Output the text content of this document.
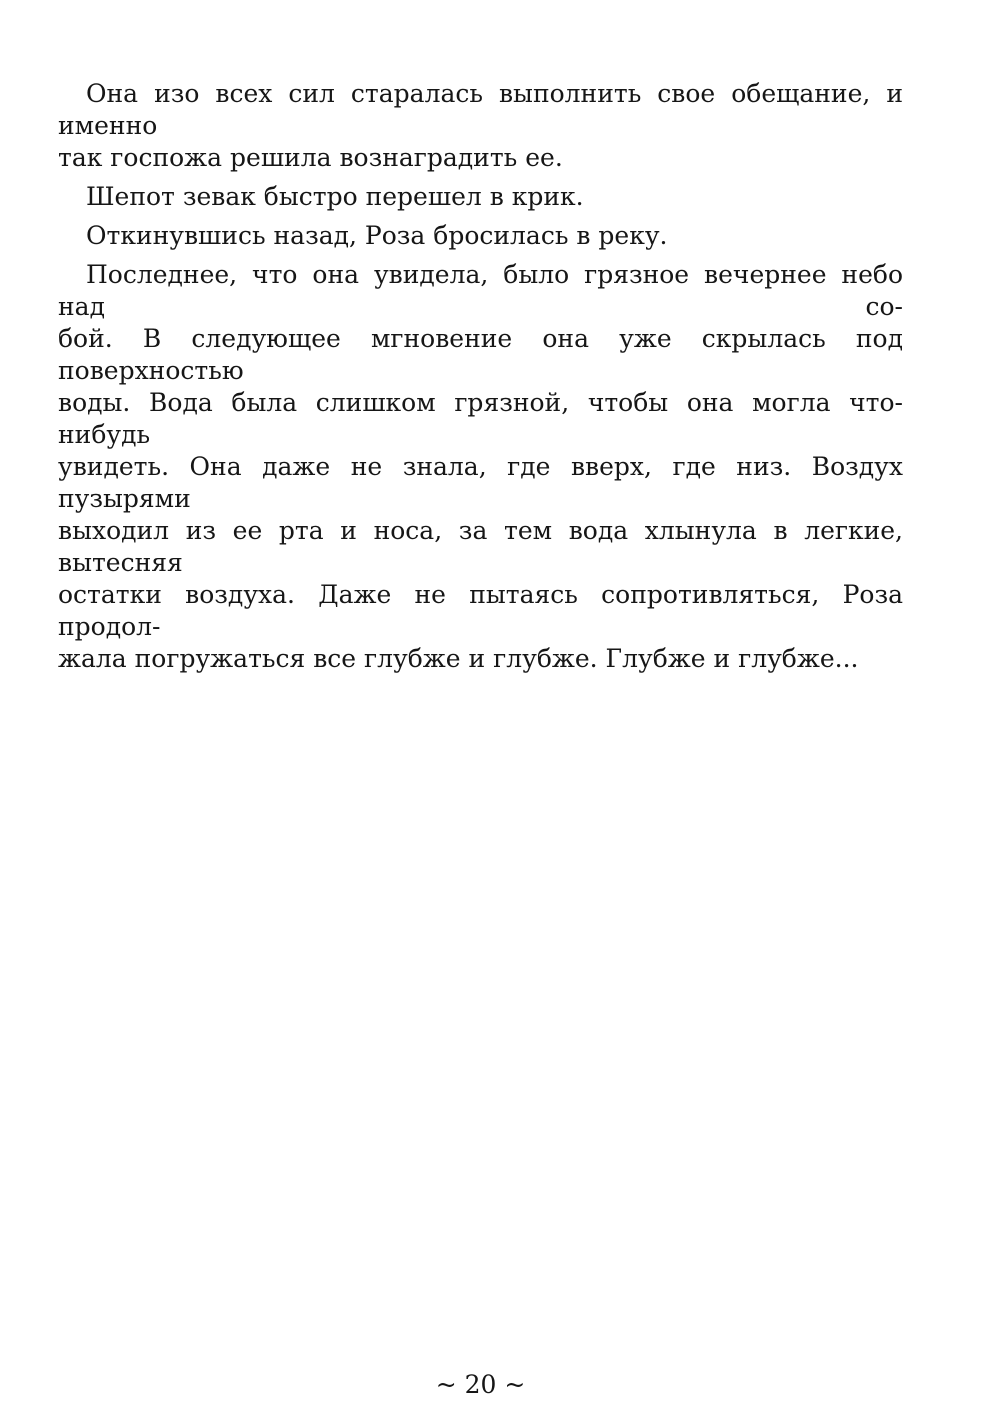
Она изо всех сил старалась выполнить свое обещание, и именно
так госпожа решила вознаградить ее.
Шепот зевак быстро перешел в крик.
Откинувшись назад, Роза бросилась в реку.
Последнее, что она увидела, было грязное вечернее небо над со-
бой. В следующее мгновение она уже скрылась под поверхностью
воды. Вода была слишком грязной, чтобы она могла что-нибудь
увидеть. Она даже не знала, где вверх, где низ. Воздух пузырями
выходил из ее рта и носа, за тем вода хлынула в легкие, вытесняя
остатки воздуха. Даже не пытаясь сопротивляться, Роза продол-
жала погружаться все глубже и глубже. Глубже и глубже...
~ 20 ~
